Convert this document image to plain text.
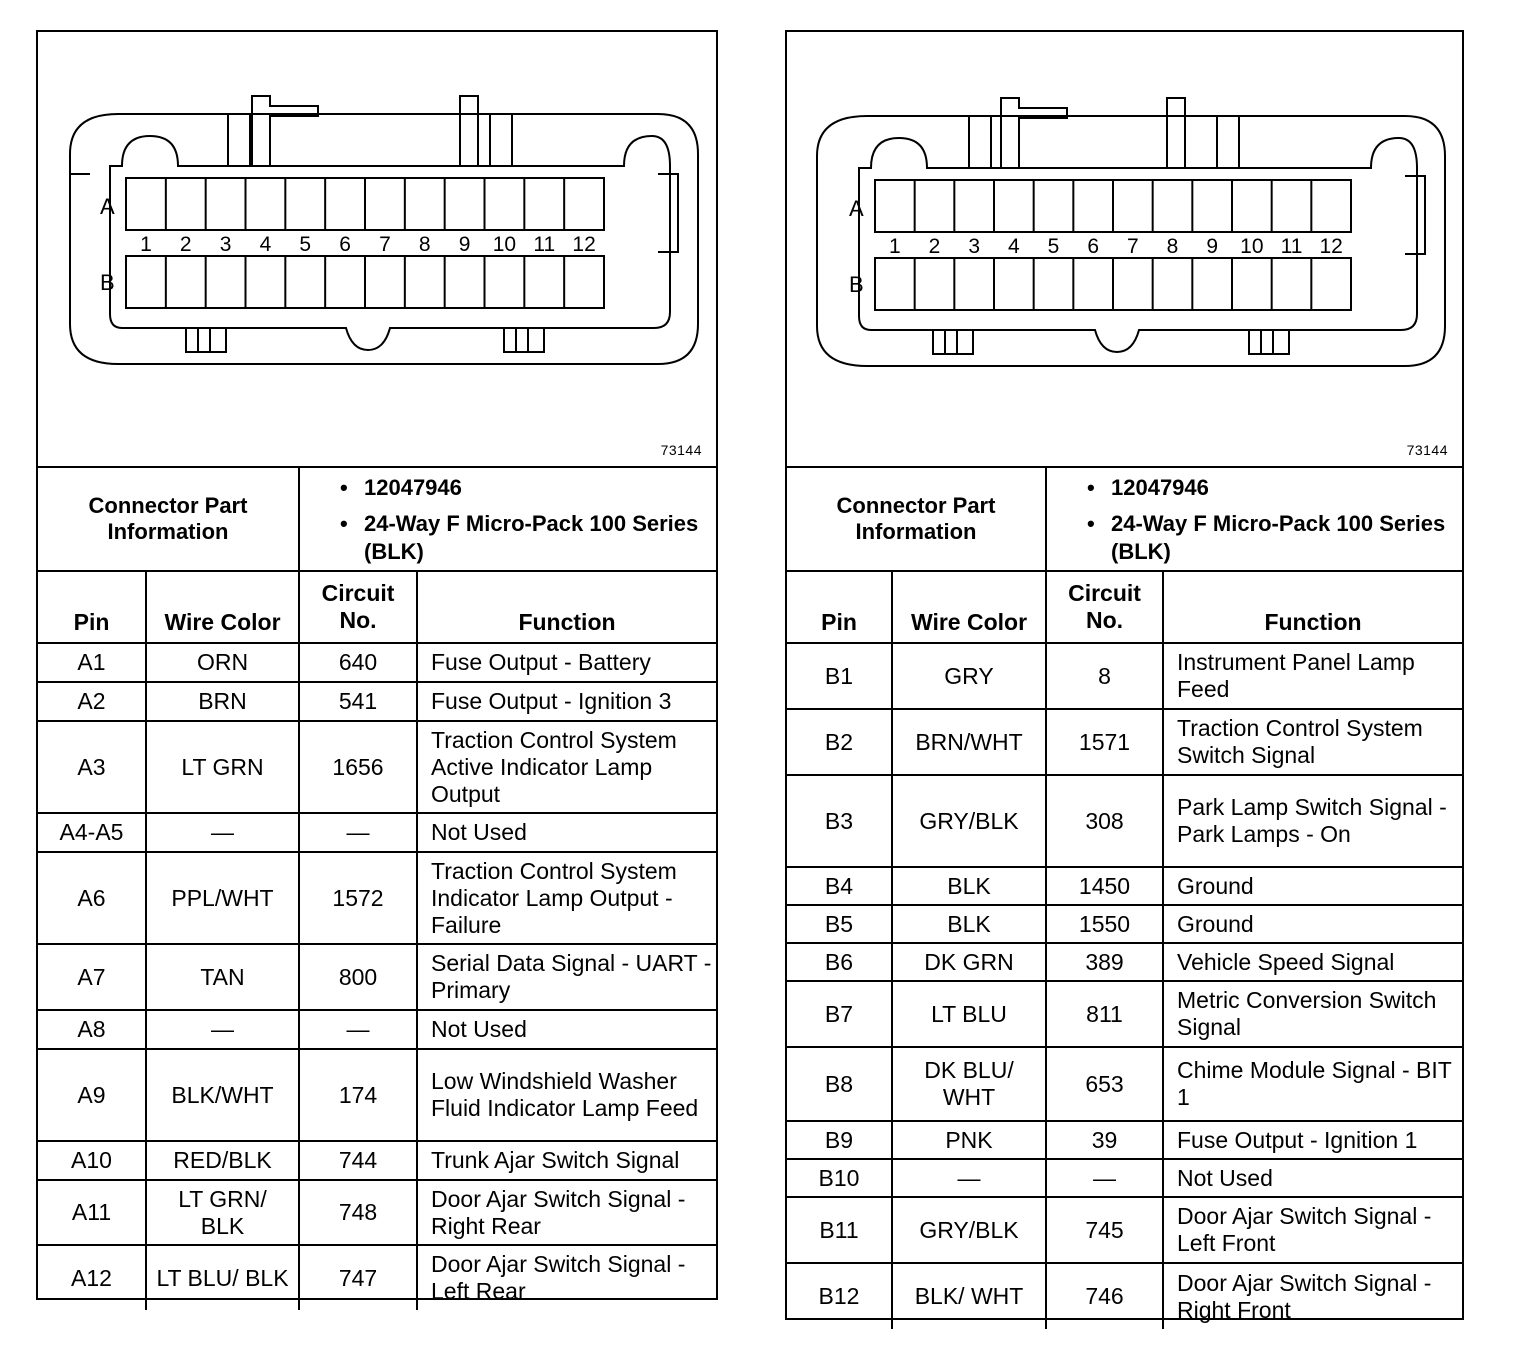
A
B
1 2 3 4 5 6 7 8 9 10 11 12
73144
Connector Part Information	
• 12047946
• 24-Way F Micro-Pack 100 Series (BLK)
Pin	Wire Color	Circuit No.	Function
A1	ORN	640	Fuse Output - Battery
A2	BRN	541	Fuse Output - Ignition 3
A3	LT GRN	1656	Traction Control System Active Indicator Lamp Output
A4-A5	—	—	Not Used
A6	PPL/WHT	1572	Traction Control System Indicator Lamp Output - Failure
A7	TAN	800	Serial Data Signal - UART - Primary
A8	—	—	Not Used
A9	BLK/WHT	174	Low Windshield Washer Fluid Indicator Lamp Feed
A10	RED/BLK	744	Trunk Ajar Switch Signal
A11	LT GRN/ BLK	748	Door Ajar Switch Signal - Right Rear
A12	LT BLU/ BLK	747	Door Ajar Switch Signal - Left Rear
A
B
1 2 3 4 5 6 7 8 9 10 11 12
73144
Connector Part Information	
• 12047946
• 24-Way F Micro-Pack 100 Series (BLK)
Pin	Wire Color	Circuit No.	Function
B1	GRY	8	Instrument Panel Lamp Feed
B2	BRN/WHT	1571	Traction Control System Switch Signal
B3	GRY/BLK	308	Park Lamp Switch Signal - Park Lamps - On
B4	BLK	1450	Ground
B5	BLK	1550	Ground
B6	DK GRN	389	Vehicle Speed Signal
B7	LT BLU	811	Metric Conversion Switch Signal
B8	DK BLU/ WHT	653	Chime Module Signal - BIT 1
B9	PNK	39	Fuse Output - Ignition 1
B10	—	—	Not Used
B11	GRY/BLK	745	Door Ajar Switch Signal - Left Front
B12	BLK/ WHT	746	Door Ajar Switch Signal - Right Front
